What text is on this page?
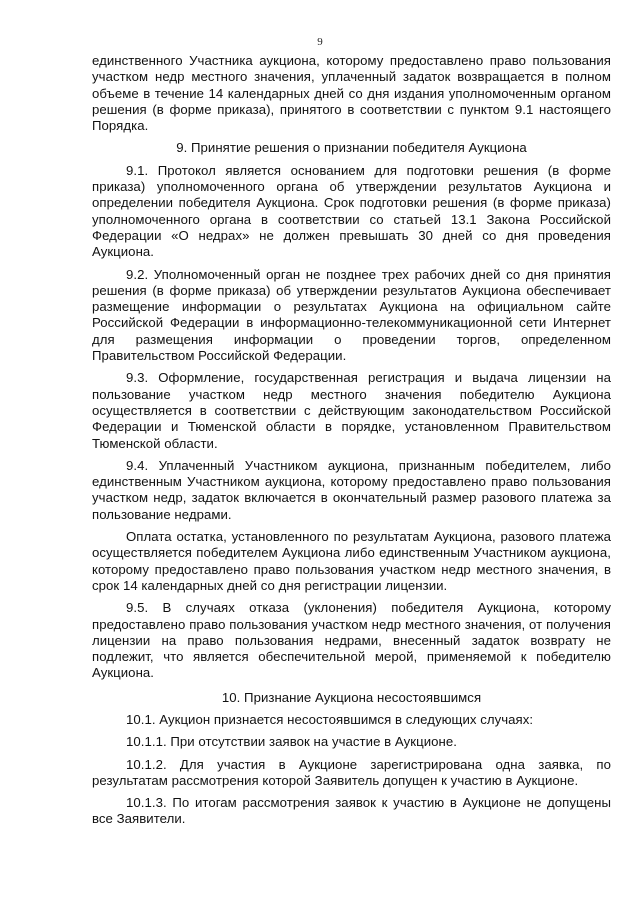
9

единственного Участника аукциона, которому предоставлено право пользования участком недр местного значения, уплаченный задаток возвращается в полном объеме в течение 14 календарных дней со дня издания уполномоченным органом решения (в форме приказа), принятого в соответствии с пунктом 9.1 настоящего Порядка.

9. Принятие решения о признании победителя Аукциона

9.1. Протокол является основанием для подготовки решения (в форме приказа) уполномоченного органа об утверждении результатов Аукциона и определении победителя Аукциона. Срок подготовки решения (в форме приказа) уполномоченного органа в соответствии со статьей 13.1 Закона Российской Федерации «О недрах» не должен превышать 30 дней со дня проведения Аукциона.

9.2. Уполномоченный орган не позднее трех рабочих дней со дня принятия решения (в форме приказа) об утверждении результатов Аукциона обеспечивает размещение информации о результатах Аукциона на официальном сайте Российской Федерации в информационно-телекоммуникационной сети Интернет для размещения информации о проведении торгов, определенном Правительством Российской Федерации.

9.3. Оформление, государственная регистрация и выдача лицензии на пользование участком недр местного значения победителю Аукциона осуществляется в соответствии с действующим законодательством Российской Федерации и Тюменской области в порядке, установленном Правительством Тюменской области.

9.4. Уплаченный Участником аукциона, признанным победителем, либо единственным Участником аукциона, которому предоставлено право пользования участком недр, задаток включается в окончательный размер разового платежа за пользование недрами.

Оплата остатка, установленного по результатам Аукциона, разового платежа осуществляется победителем Аукциона либо единственным Участником аукциона, которому предоставлено право пользования участком недр местного значения, в срок 14 календарных дней со дня регистрации лицензии.

9.5. В случаях отказа (уклонения) победителя Аукциона, которому предоставлено право пользования участком недр местного значения, от получения лицензии на право пользования недрами, внесенный задаток возврату не подлежит, что является обеспечительной мерой, применяемой к победителю Аукциона.

10. Признание Аукциона несостоявшимся

10.1. Аукцион признается несостоявшимся в следующих случаях:

10.1.1. При отсутствии заявок на участие в Аукционе.

10.1.2. Для участия в Аукционе зарегистрирована одна заявка, по результатам рассмотрения которой Заявитель допущен к участию в Аукционе.

10.1.3. По итогам рассмотрения заявок к участию в Аукционе не допущены все Заявители.
